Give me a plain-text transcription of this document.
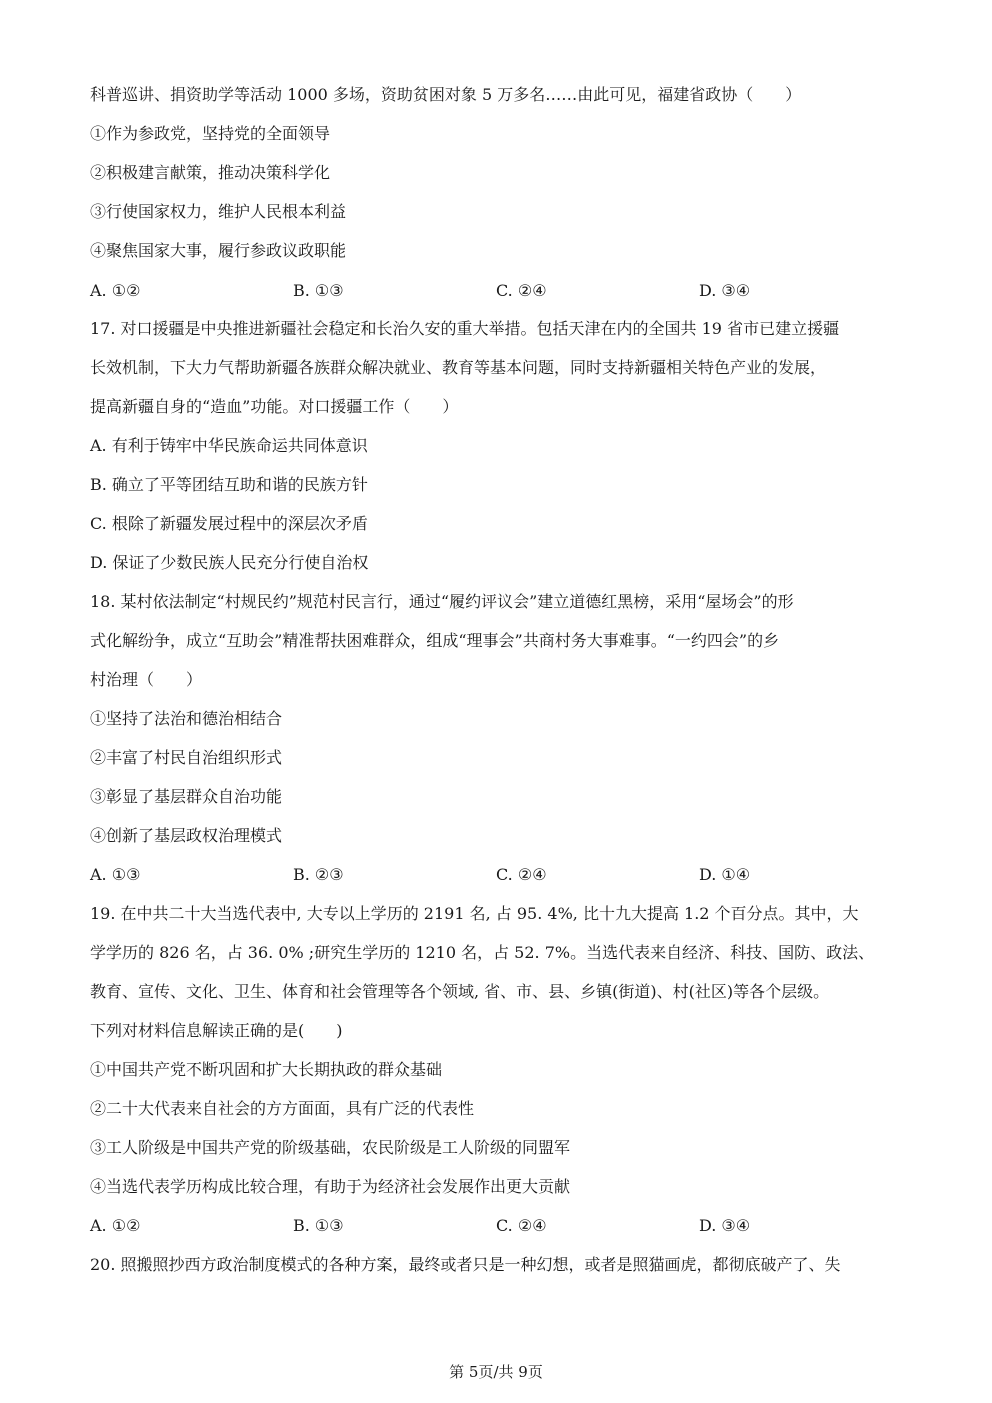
科普巡讲、捐资助学等活动 1000 多场，资助贫困对象 5 万多名……由此可见，福建省政协（　　）
①作为参政党，坚持党的全面领导
②积极建言献策，推动决策科学化
③行使国家权力，维护人民根本利益
④聚焦国家大事，履行参政议政职能
A. ①②	B. ①③	C. ②④	D. ③④
17. 对口援疆是中央推进新疆社会稳定和长治久安的重大举措。包括天津在内的全国共 19 省市已建立援疆
长效机制，下大力气帮助新疆各族群众解决就业、教育等基本问题，同时支持新疆相关特色产业的发展，
提高新疆自身的“造血”功能。对口援疆工作（　　）
A. 有利于铸牢中华民族命运共同体意识
B. 确立了平等团结互助和谐的民族方针
C. 根除了新疆发展过程中的深层次矛盾
D. 保证了少数民族人民充分行使自治权
18. 某村依法制定“村规民约”规范村民言行，通过“履约评议会”建立道德红黑榜，采用“屋场会”的形
式化解纷争，成立“互助会”精准帮扶困难群众，组成“理事会”共商村务大事难事。“一约四会”的乡
村治理（　　）
①坚持了法治和德治相结合
②丰富了村民自治组织形式
③彰显了基层群众自治功能
④创新了基层政权治理模式
A. ①③	B. ②③	C. ②④	D. ①④
19. 在中共二十大当选代表中, 大专以上学历的 2191 名, 占 95. 4%, 比十九大提高 1.2 个百分点。其中，大
学学历的 826 名，占 36. 0% ;研究生学历的 1210 名，占 52. 7%。当选代表来自经济、科技、国防、政法、
教育、宣传、文化、卫生、体育和社会管理等各个领域, 省、市、县、乡镇(街道)、村(社区)等各个层级。
下列对材料信息解读正确的是(　　)
①中国共产党不断巩固和扩大长期执政的群众基础
②二十大代表来自社会的方方面面，具有广泛的代表性
③工人阶级是中国共产党的阶级基础，农民阶级是工人阶级的同盟军
④当选代表学历构成比较合理，有助于为经济社会发展作出更大贡献
A. ①②	B. ①③	C. ②④	D. ③④
20. 照搬照抄西方政治制度模式的各种方案，最终或者只是一种幻想，或者是照猫画虎，都彻底破产了、失
第 5页/共 9页
